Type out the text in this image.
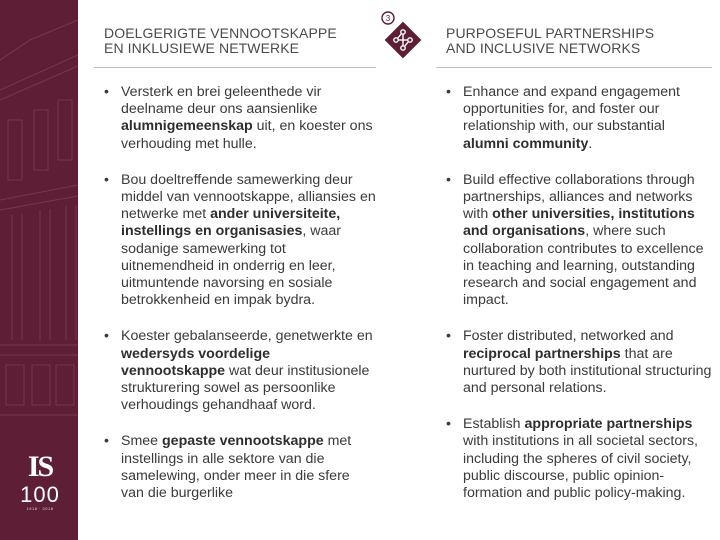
IS
100
1918 · 2018
DOELGERIGTE VENNOOTSKAPPE
EN INKLUSIEWE NETWERKE
3
PURPOSEFUL PARTNERSHIPS
AND INCLUSIVE NETWORKS
• Versterk en brei geleenthede vir deelname deur ons aansienlike alumnigemeenskap uit, en koester ons verhouding met hulle.
• Bou doeltreffende samewerking deur middel van vennootskappe, alliansies en netwerke met ander universiteite, instellings en organisasies, waar sodanige samewerking tot uitnemendheid in onderrig en leer, uitmuntende navorsing en sosiale betrokkenheid en impak bydra.
• Koester gebalanseerde, genetwerkte en wedersyds voordelige vennootskappe wat deur institusionele strukturering sowel as persoonlike verhoudings gehandhaaf word.
• Smee gepaste vennootskappe met instellings in alle sektore van die samelewing, onder meer in die sfere van die burgerlike
• Enhance and expand engagement opportunities for, and foster our relationship with, our substantial alumni community.
• Build effective collaborations through partnerships, alliances and networks with other universities, institutions and organisations, where such collaboration contributes to excellence in teaching and learning, outstanding research and social engagement and impact.
• Foster distributed, networked and reciprocal partnerships that are nurtured by both institutional structuring and personal relations.
• Establish appropriate partnerships with institutions in all societal sectors, including the spheres of civil society, public discourse, public opinion-formation and public policy-making.
